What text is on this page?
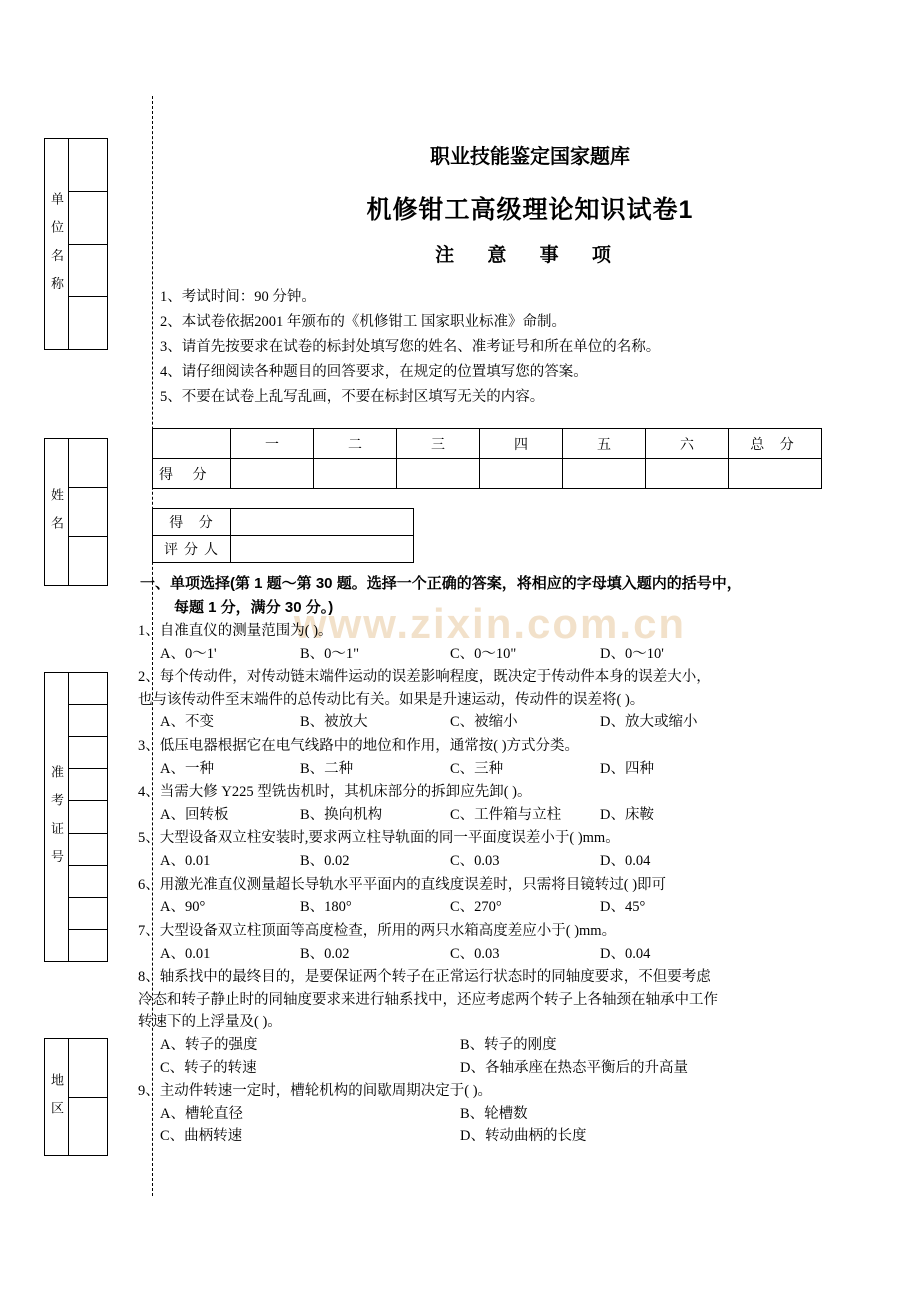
单 位 名 称
姓 名
准 考 证 号
地 区
职业技能鉴定国家题库
机修钳工高级理论知识试卷1
注 意 事 项
1、考试时间：90 分钟。
2、本试卷依据2001 年颁布的《机修钳工 国家职业标准》命制。
3、请首先按要求在试卷的标封处填写您的姓名、准考证号和所在单位的名称。
4、请仔细阅读各种题目的回答要求，在规定的位置填写您的答案。
5、不要在试卷上乱写乱画，不要在标封区填写无关的内容。
	一	二	三	四	五	六	总 分
得 分							
得 分	
评分人	
一、单项选择(第 1 题～第 30 题。选择一个正确的答案，将相应的字母填入题内的括号中，
每题 1 分，满分 30 分。)
www.zixin.com.cn
1、自准直仪的测量范围为( )。
A、0～1'	B、0～1"	C、0～10"	D、0～10'
2、每个传动件，对传动链末端件运动的误差影响程度，既决定于传动件本身的误差大小，
也与该传动件至末端件的总传动比有关。如果是升速运动，传动件的误差将( )。
A、不变	B、被放大	C、被缩小	D、放大或缩小
3、低压电器根据它在电气线路中的地位和作用，通常按( )方式分类。
A、一种	B、二种	C、三种	D、四种
4、当需大修 Y225 型铣齿机时，其机床部分的拆卸应先卸( )。
A、回转板	B、换向机构	C、工件箱与立柱	D、床鞍
5、大型设备双立柱安装时,要求两立柱导轨面的同一平面度误差小于( )mm。
A、0.01	B、0.02	C、0.03	D、0.04
6、用激光准直仪测量超长导轨水平平面内的直线度误差时，只需将目镜转过( )即可
A、90°	B、180°	C、270°	D、45°
7、大型设备双立柱顶面等高度检查，所用的两只水箱高度差应小于( )mm。
A、0.01	B、0.02	C、0.03	D、0.04
8、轴系找中的最终目的，是要保证两个转子在正常运行状态时的同轴度要求，不但要考虑
冷态和转子静止时的同轴度要求来进行轴系找中，还应考虑两个转子上各轴颈在轴承中工作
转速下的上浮量及( )。
A、转子的强度	B、转子的刚度
C、转子的转速	D、各轴承座在热态平衡后的升高量
9、主动件转速一定时，槽轮机构的间歇周期决定于( )。
A、槽轮直径	B、轮槽数
C、曲柄转速	D、转动曲柄的长度
